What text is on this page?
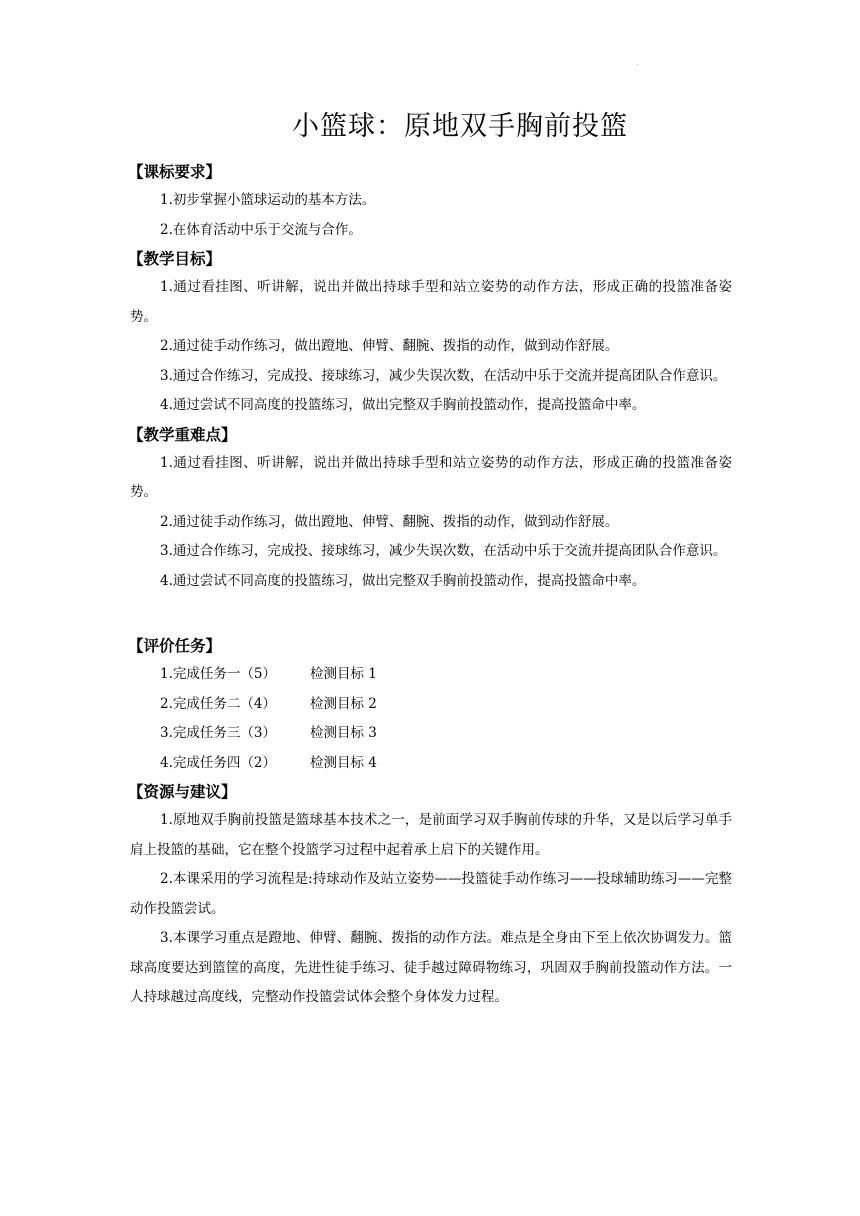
·
小篮球：原地双手胸前投篮
【课标要求】
1.初步掌握小篮球运动的基本方法。
2.在体育活动中乐于交流与合作。
【教学目标】
1.通过看挂图、听讲解，说出并做出持球手型和站立姿势的动作方法，形成正确的投篮准备姿势。
2.通过徒手动作练习，做出蹬地、伸臂、翻腕、拨指的动作，做到动作舒展。
3.通过合作练习，完成投、接球练习，减少失误次数，在活动中乐于交流并提高团队合作意识。
4.通过尝试不同高度的投篮练习，做出完整双手胸前投篮动作，提高投篮命中率。
【教学重难点】
1.通过看挂图、听讲解，说出并做出持球手型和站立姿势的动作方法，形成正确的投篮准备姿势。
2.通过徒手动作练习，做出蹬地、伸臂、翻腕、拨指的动作，做到动作舒展。
3.通过合作练习，完成投、接球练习，减少失误次数，在活动中乐于交流并提高团队合作意识。
4.通过尝试不同高度的投篮练习，做出完整双手胸前投篮动作，提高投篮命中率。
【评价任务】
1.完成任务一（5）	检测目标 1
2.完成任务二（4）	检测目标 2
3.完成任务三（3）	检测目标 3
4.完成任务四（2）	检测目标 4
【资源与建议】
1.原地双手胸前投篮是篮球基本技术之一，是前面学习双手胸前传球的升华，又是以后学习单手肩上投篮的基础，它在整个投篮学习过程中起着承上启下的关键作用。
2.本课采用的学习流程是:持球动作及站立姿势——投篮徒手动作练习——投球辅助练习——完整动作投篮尝试。
3.本课学习重点是蹬地、伸臂、翻腕、拨指的动作方法。难点是全身由下至上依次协调发力。篮球高度要达到篮筐的高度，先进性徒手练习、徒手越过障碍物练习，巩固双手胸前投篮动作方法。一人持球越过高度线，完整动作投篮尝试体会整个身体发力过程。
